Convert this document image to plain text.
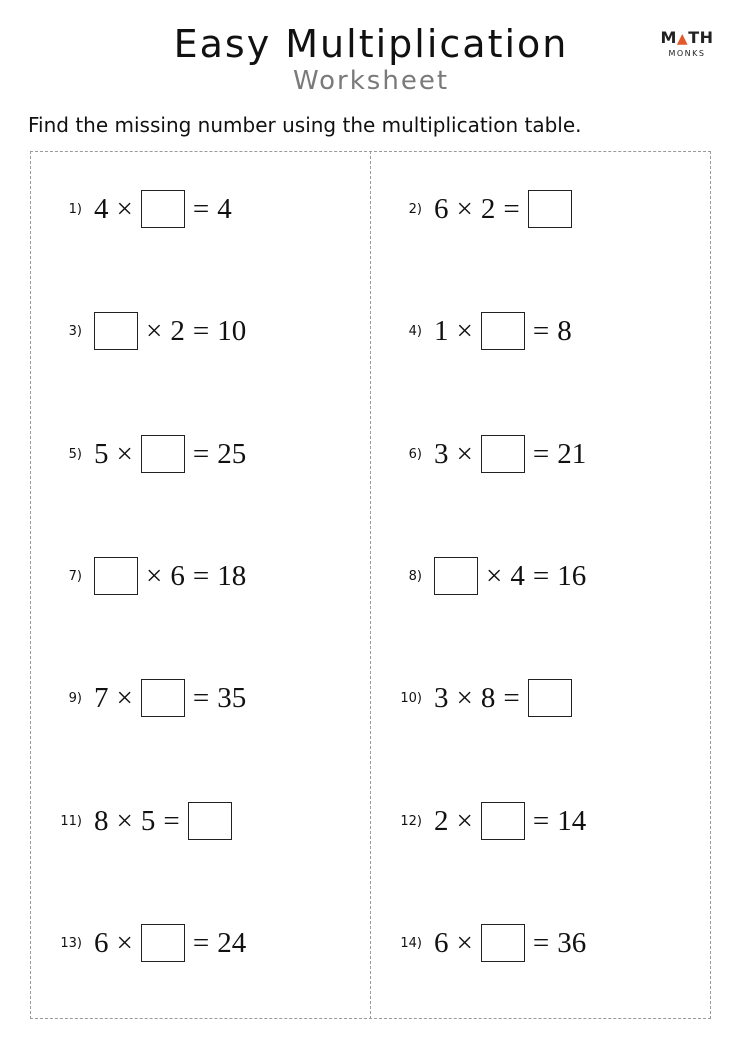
Easy Multiplication
Worksheet
M▲TH
MONKS
Find the missing number using the multiplication table.
1) 4 × = 4	2) 6 × 2 =
3) × 2 = 10	4) 1 × = 8
5) 5 × = 25	6) 3 × = 21
7) × 6 = 18	8) × 4 = 16
9) 7 × = 35	10) 3 × 8 =
11) 8 × 5 =	12) 2 × = 14
13) 6 × = 24	14) 6 × = 36
